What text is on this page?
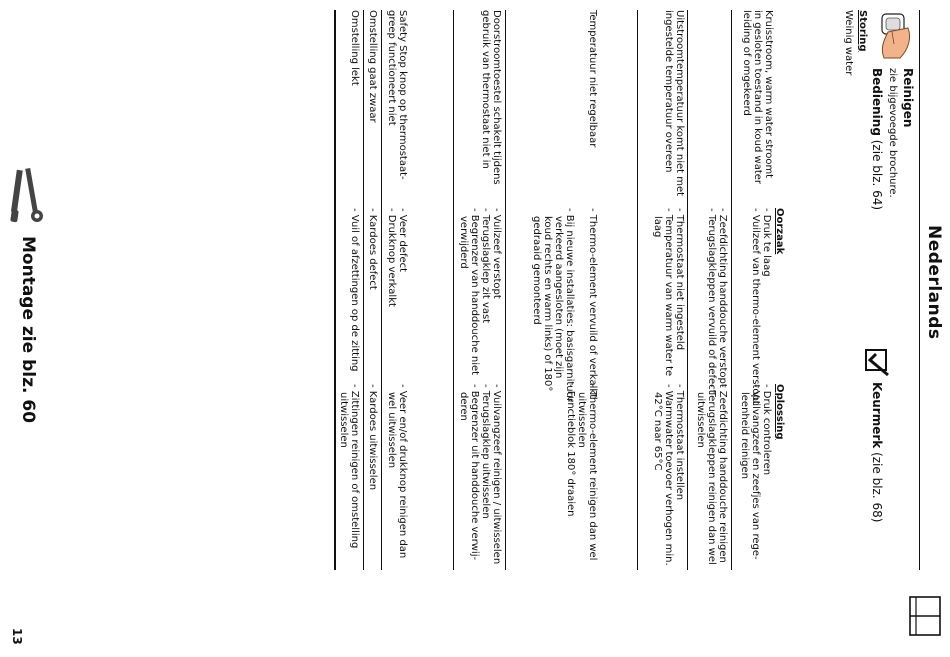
Nederlands
Reinigen
zie bijgevoegde brochure.
Bediening (zie blz. 64)
Keurmerk (zie blz. 68)
Storing
Oorzaak
Oplossing
Weinig water
- Druk te laag
- Vuilzeef van thermo-element verstopt
- Druk controleren
- Vuilvangzeef en zeefjes van rege-
leenheid reinigen
Kruisstroom, warm water stroomt
in gesloten toestand in koud water
leiding of omgekeerd
- Zeefdichting handdouche verstopt
- Terugslagkleppen vervuild of defect
- Zeefdichting handdouche reinigen
- Terugslagkleppen reinigen dan wel
uitwisselen
Uitstroomtemperatuur komt niet met
ingestelde temperatuur overeen
- Thermostaat niet ingesteld
- Temperatuur van warm water te
laag
- Thermostaat instellen
- Warmwater toevoer verhogen min.
42°C naar 65°C
Temperatuur niet regelbaar
- Thermo-element vervuild of verkalkt
- Bij nieuwe installaties: basisgarnituur
verkeerd aangesloten (moet zijn
koud rechts en warm links) of 180°
gedraaid gemonteerd
- Thermo-element reinigen dan wel
uitwisselen
- Functieblok 180° draaien
Doorstroomtoestel schakelt tijdens
gebruik van thermostaat niet in
- Vuilzeef verstopt
- Terugslagklep zit vast
- Begrenzer van handdouche niet
verwijderd
- Vuilvangzeef reinigen / uitwisselen
- Terugslagklep uitwisselen
- Begrenzer uit handdouche verwij-
deren
Safety Stop knop op thermostaat-
greep functioneert niet
- Veer defect
- Drukknop verkalkt
- Veer en/of drukknop reinigen dan
wel uitwisselen
Omstelling gaat zwaar
- Kardoes defect
- Kardoes uitwisselen
Omstelling lekt
- Vuil of afzettingen op de zitting
- Zittingen reinigen of omstelling
uitwisselen
Montage zie blz. 60
13
